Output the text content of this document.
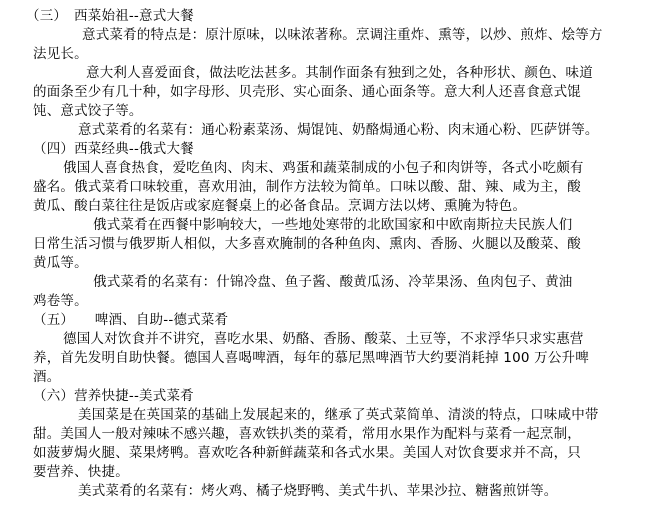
（三）　西菜始祖--意式大餐
意式菜肴的特点是：原汁原味，以味浓著称。烹调注重炸、熏等，以炒、煎炸、烩等方
法见长。
意大利人喜爱面食，做法吃法甚多。其制作面条有独到之处，各种形状、颜色、味道
的面条至少有几十种，如字母形、贝壳形、实心面条、通心面条等。意大利人还喜食意式馄
饨、意式饺子等。
意式菜肴的名菜有：通心粉素菜汤、焗馄饨、奶酪焗通心粉、肉末通心粉、匹萨饼等。
（四）西菜经典--俄式大餐
俄国人喜食热食，爱吃鱼肉、肉末、鸡蛋和蔬菜制成的小包子和肉饼等，各式小吃颇有
盛名。俄式菜肴口味较重，喜欢用油，制作方法较为简单。口味以酸、甜、辣、咸为主，酸
黄瓜、酸白菜往往是饭店或家庭餐桌上的必备食品。烹调方法以烤、熏腌为特色。
俄式菜肴在西餐中影响较大，一些地处寒带的北欧国家和中欧南斯拉夫民族人们
日常生活习惯与俄罗斯人相似，大多喜欢腌制的各种鱼肉、熏肉、香肠、火腿以及酸菜、酸
黄瓜等。
俄式菜肴的名菜有：什锦冷盘、鱼子酱、酸黄瓜汤、冷苹果汤、鱼肉包子、黄油
鸡卷等。
（五）　　啤酒、自助--德式菜肴
德国人对饮食并不讲究，喜吃水果、奶酪、香肠、酸菜、土豆等，不求浮华只求实惠营
养，首先发明自助快餐。德国人喜喝啤酒，每年的慕尼黑啤酒节大约要消耗掉 100 万公升啤
酒。
（六）营养快捷--美式菜肴
美国菜是在英国菜的基础上发展起来的，继承了英式菜简单、清淡的特点，口味咸中带
甜。美国人一般对辣味不感兴趣，喜欢铁扒类的菜肴，常用水果作为配料与菜肴一起烹制，
如菠萝焗火腿、菜果烤鸭。喜欢吃各种新鲜蔬菜和各式水果。美国人对饮食要求并不高，只
要营养、快捷。
美式菜肴的名菜有：烤火鸡、橘子烧野鸭、美式牛扒、苹果沙拉、糖酱煎饼等。
